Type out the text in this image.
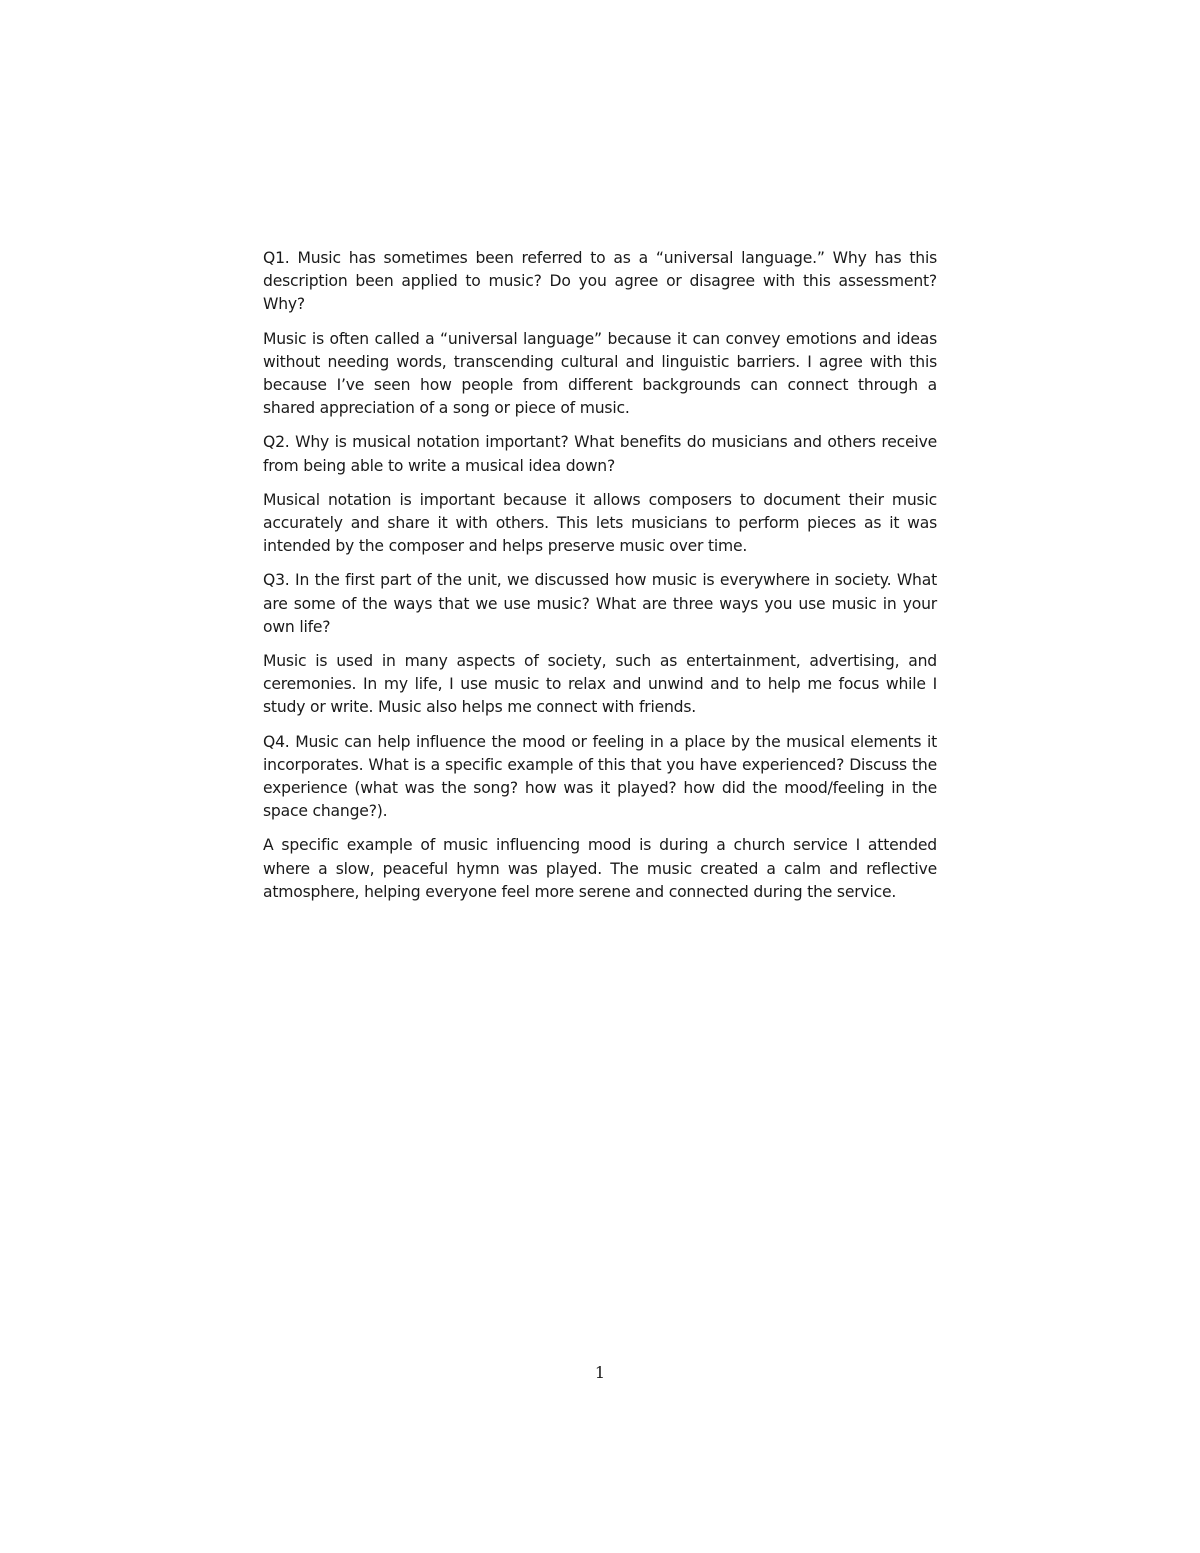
Q1. Music has sometimes been referred to as a “universal language.” Why has this description been applied to music? Do you agree or disagree with this assessment? Why?

Music is often called a “universal language” because it can convey emotions and ideas without needing words, transcending cultural and linguistic barriers. I agree with this because I’ve seen how people from different backgrounds can connect through a shared appreciation of a song or piece of music.

Q2. Why is musical notation important? What benefits do musicians and others receive from being able to write a musical idea down?

Musical notation is important because it allows composers to document their music accurately and share it with others. This lets musicians to perform pieces as it was intended by the composer and helps preserve music over time.

Q3. In the first part of the unit, we discussed how music is everywhere in society. What are some of the ways that we use music? What are three ways you use music in your own life?

Music is used in many aspects of society, such as entertainment, advertising, and ceremonies. In my life, I use music to relax and unwind and to help me focus while I study or write. Music also helps me connect with friends.

Q4. Music can help influence the mood or feeling in a place by the musical elements it incorporates. What is a specific example of this that you have experienced? Discuss the experience (what was the song? how was it played? how did the mood/feeling in the space change?).

A specific example of music influencing mood is during a church service I attended where a slow, peaceful hymn was played. The music created a calm and reflective atmosphere, helping everyone feel more serene and connected during the service.

1
